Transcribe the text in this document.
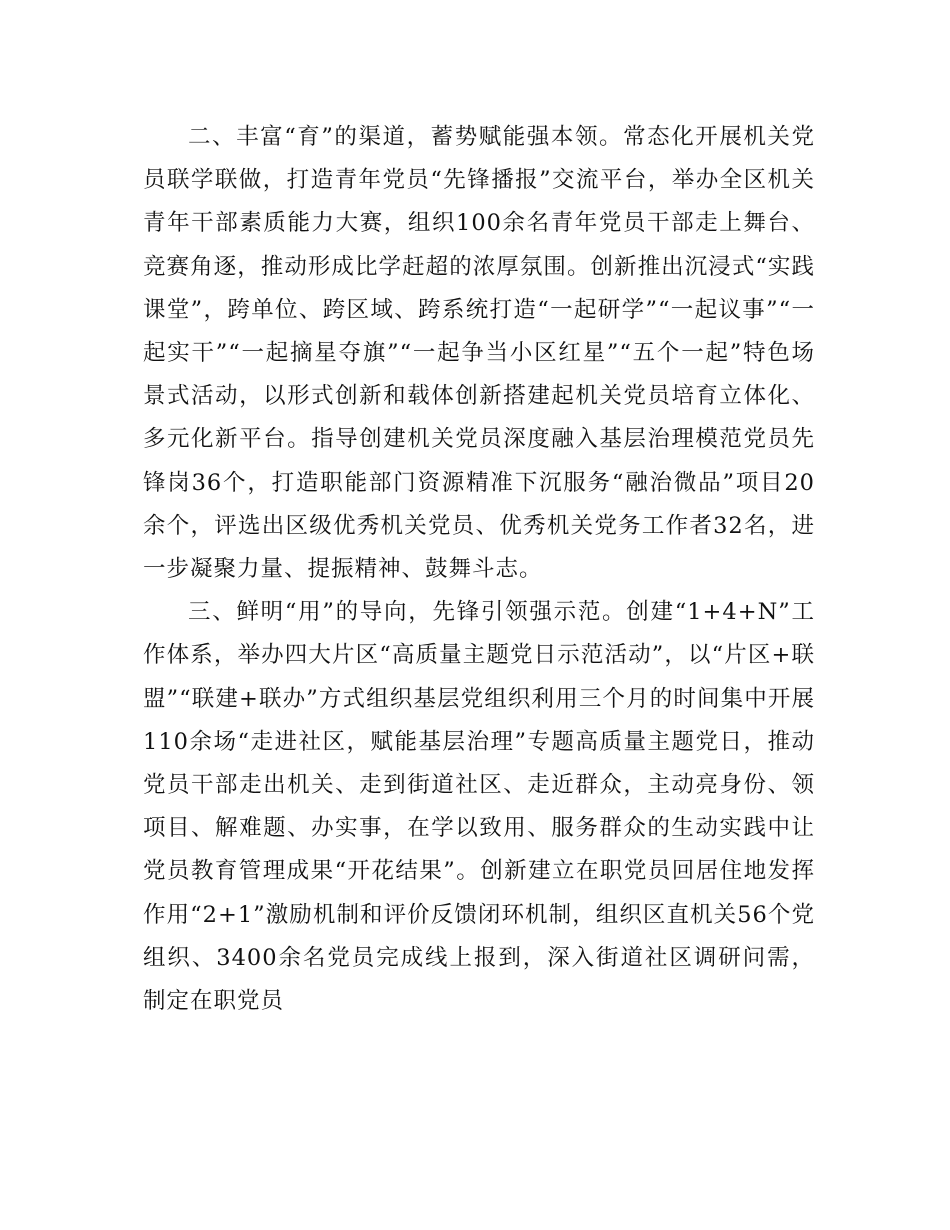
二、丰富“育”的渠道，蓄势赋能强本领。常态化开展机关党员联学联做，打造青年党员“先锋播报”交流平台，举办全区机关青年干部素质能力大赛，组织100余名青年党员干部走上舞台、竞赛角逐，推动形成比学赶超的浓厚氛围。创新推出沉浸式“实践课堂”，跨单位、跨区域、跨系统打造“一起研学”“一起议事”“一起实干”“一起摘星夺旗”“一起争当小区红星”“五个一起”特色场景式活动，以形式创新和载体创新搭建起机关党员培育立体化、多元化新平台。指导创建机关党员深度融入基层治理模范党员先锋岗36个，打造职能部门资源精准下沉服务“融治微品”项目20余个，评选出区级优秀机关党员、优秀机关党务工作者32名，进一步凝聚力量、提振精神、鼓舞斗志。

三、鲜明“用”的导向，先锋引领强示范。创建“1+4+N”工作体系，举办四大片区“高质量主题党日示范活动”，以“片区+联盟”“联建+联办”方式组织基层党组织利用三个月的时间集中开展110余场“走进社区，赋能基层治理”专题高质量主题党日，推动党员干部走出机关、走到街道社区、走近群众，主动亮身份、领项目、解难题、办实事，在学以致用、服务群众的生动实践中让党员教育管理成果“开花结果”。创新建立在职党员回居住地发挥作用“2+1”激励机制和评价反馈闭环机制，组织区直机关56个党组织、3400余名党员完成线上报到，深入街道社区调研问需，制定在职党员
